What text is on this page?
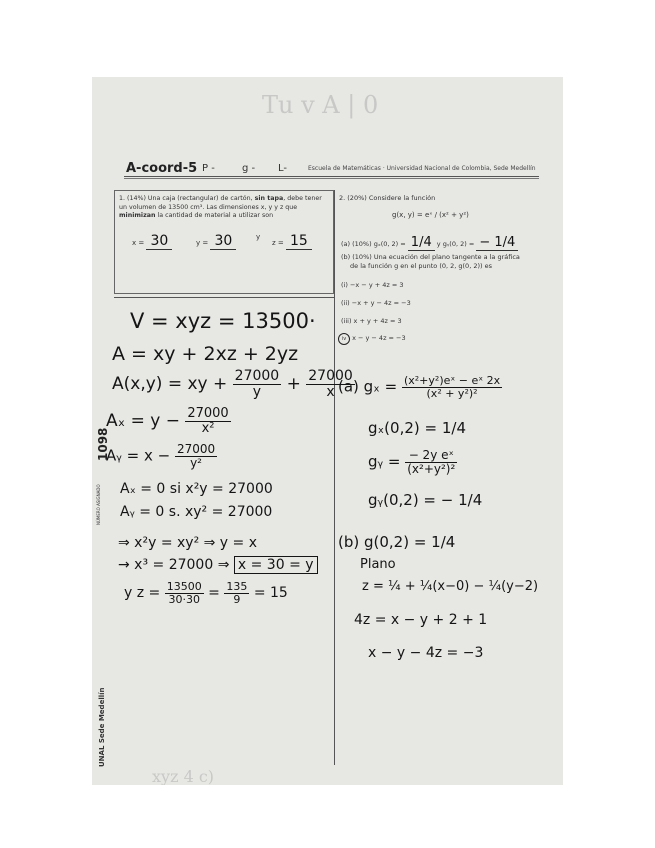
Tu v A | 0
xyz 4 c)
A-coord-5 P -	g - L-	Escuela de Matemáticas · Universidad Nacional de Colombia, Sede Medellín
1. (14%) Una caja (rectangular) de cartón, sin tapa, debe tener un volumen de 13500 cm³. Las dimensiones x, y y z que minimizan la cantidad de material a utilizar son
x = 30	y = 30	y
z = 15
2. (20%) Considere la función
g(x, y) = eˣ / (x² + y²)
(a) (10%) gₓ(0, 2) = 1/4 y gᵧ(0, 2) = − 1/4
(b) (10%) Una ecuación del plano tangente a la gráfica
de la función g en el punto (0, 2, g(0, 2)) es
(i) −x − y + 4z = 3
(ii) −x + y − 4z = −3
(iii) x + y + 4z = 3
iv x − y − 4z = −3
V = xyz = 13500·
A = xy + 2xz + 2yz
A(x,y) = xy + $\frac{27000}{y} + \frac{27000}{x}$
$A_x = y - \frac{27000}{\text{x²}}$
Aᵧ = $x - \frac{27000}{\text{y²}}$
Aₓ = 0 si x²y = 27000
Aᵧ = 0 s. xy² = 27000
⇒ x²y = xy² ⇒ y = x
→ x³ = 27000 ⇒ x = 30 = y
y $z = \frac{13500}{30\cdot 30} = \frac{135}{9} = 15$
(a) $g_x = \frac{\text{(x²+y²)eˣ − eˣ 2x}}{\text{(x² + y²)²}}$
gₓ(0,2) = 1/4
gᵧ = $\frac{\text{− 2y eˣ}}{\text{(x²+y²)²}}$
gᵧ(0,2) = − 1/4
(b) g(0,2) = 1/4
Plano
z = ¼ + ¼(x−0) − ¼(y−2)
4z = x − y + 2 + 1
x − y − 4z = −3
1098
NÚMERO ASIGNADO
UNAL Sede Medellín
